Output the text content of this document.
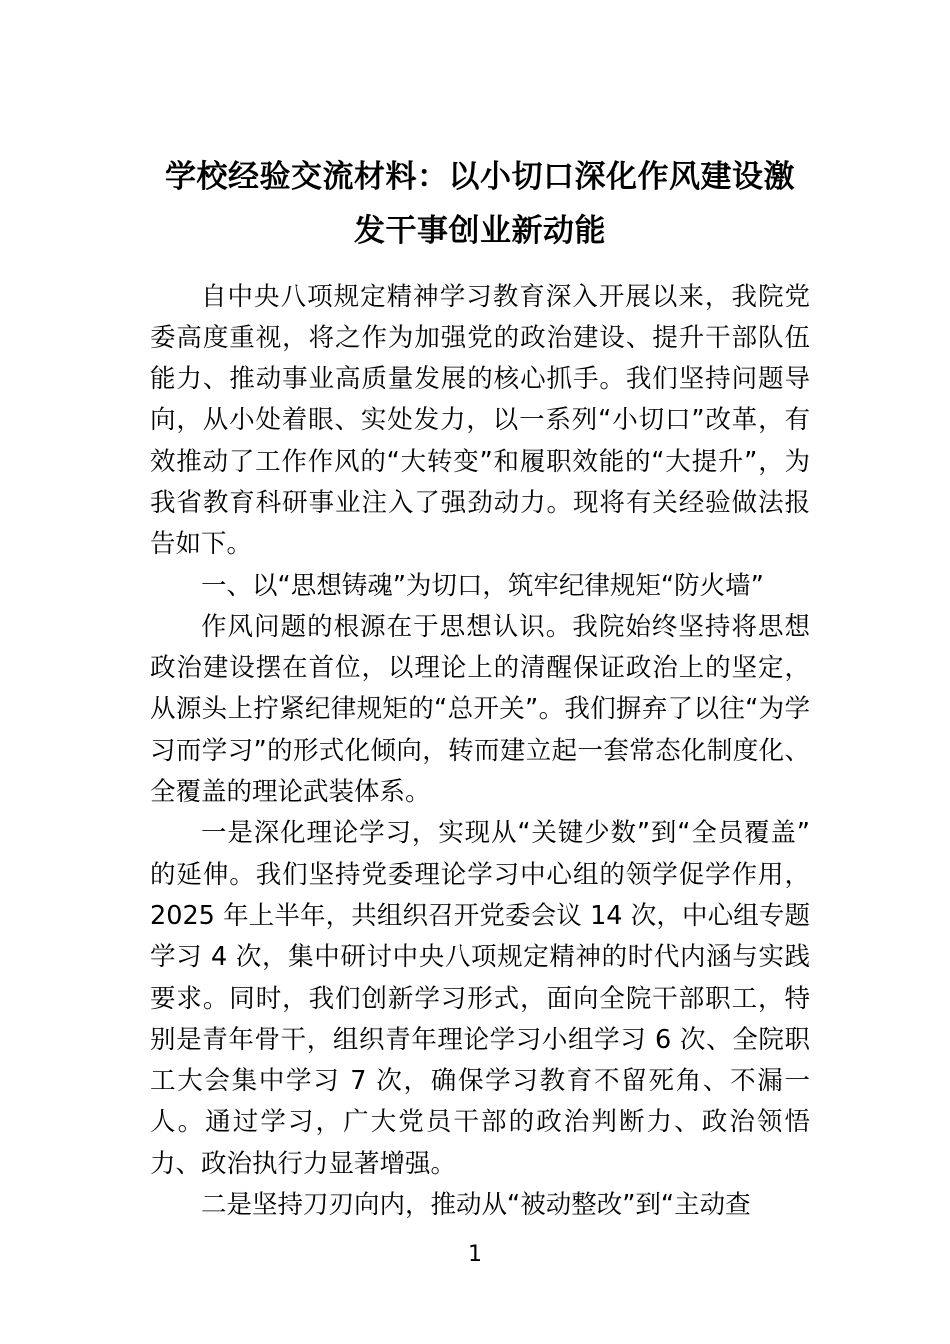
学校经验交流材料：以小切口深化作风建设激发干事创业新动能

自中央八项规定精神学习教育深入开展以来，我院党委高度重视，将之作为加强党的政治建设、提升干部队伍能力、推动事业高质量发展的核心抓手。我们坚持问题导向，从小处着眼、实处发力，以一系列“小切口”改革，有效推动了工作作风的“大转变”和履职效能的“大提升”，为我省教育科研事业注入了强劲动力。现将有关经验做法报告如下。

一、以“思想铸魂”为切口，筑牢纪律规矩“防火墙”

作风问题的根源在于思想认识。我院始终坚持将思想政治建设摆在首位，以理论上的清醒保证政治上的坚定，从源头上拧紧纪律规矩的“总开关”。我们摒弃了以往“为学习而学习”的形式化倾向，转而建立起一套常态化制度化、全覆盖的理论武装体系。

一是深化理论学习，实现从“关键少数”到“全员覆盖”的延伸。我们坚持党委理论学习中心组的领学促学作用，2025 年上半年，共组织召开党委会议 14 次，中心组专题学习 4 次，集中研讨中央八项规定精神的时代内涵与实践要求。同时，我们创新学习形式，面向全院干部职工，特别是青年骨干，组织青年理论学习小组学习 6 次、全院职工大会集中学习 7 次，确保学习教育不留死角、不漏一人。通过学习，广大党员干部的政治判断力、政治领悟力、政治执行力显著增强。

二是坚持刀刃向内，推动从“被动整改”到“主动查

1
